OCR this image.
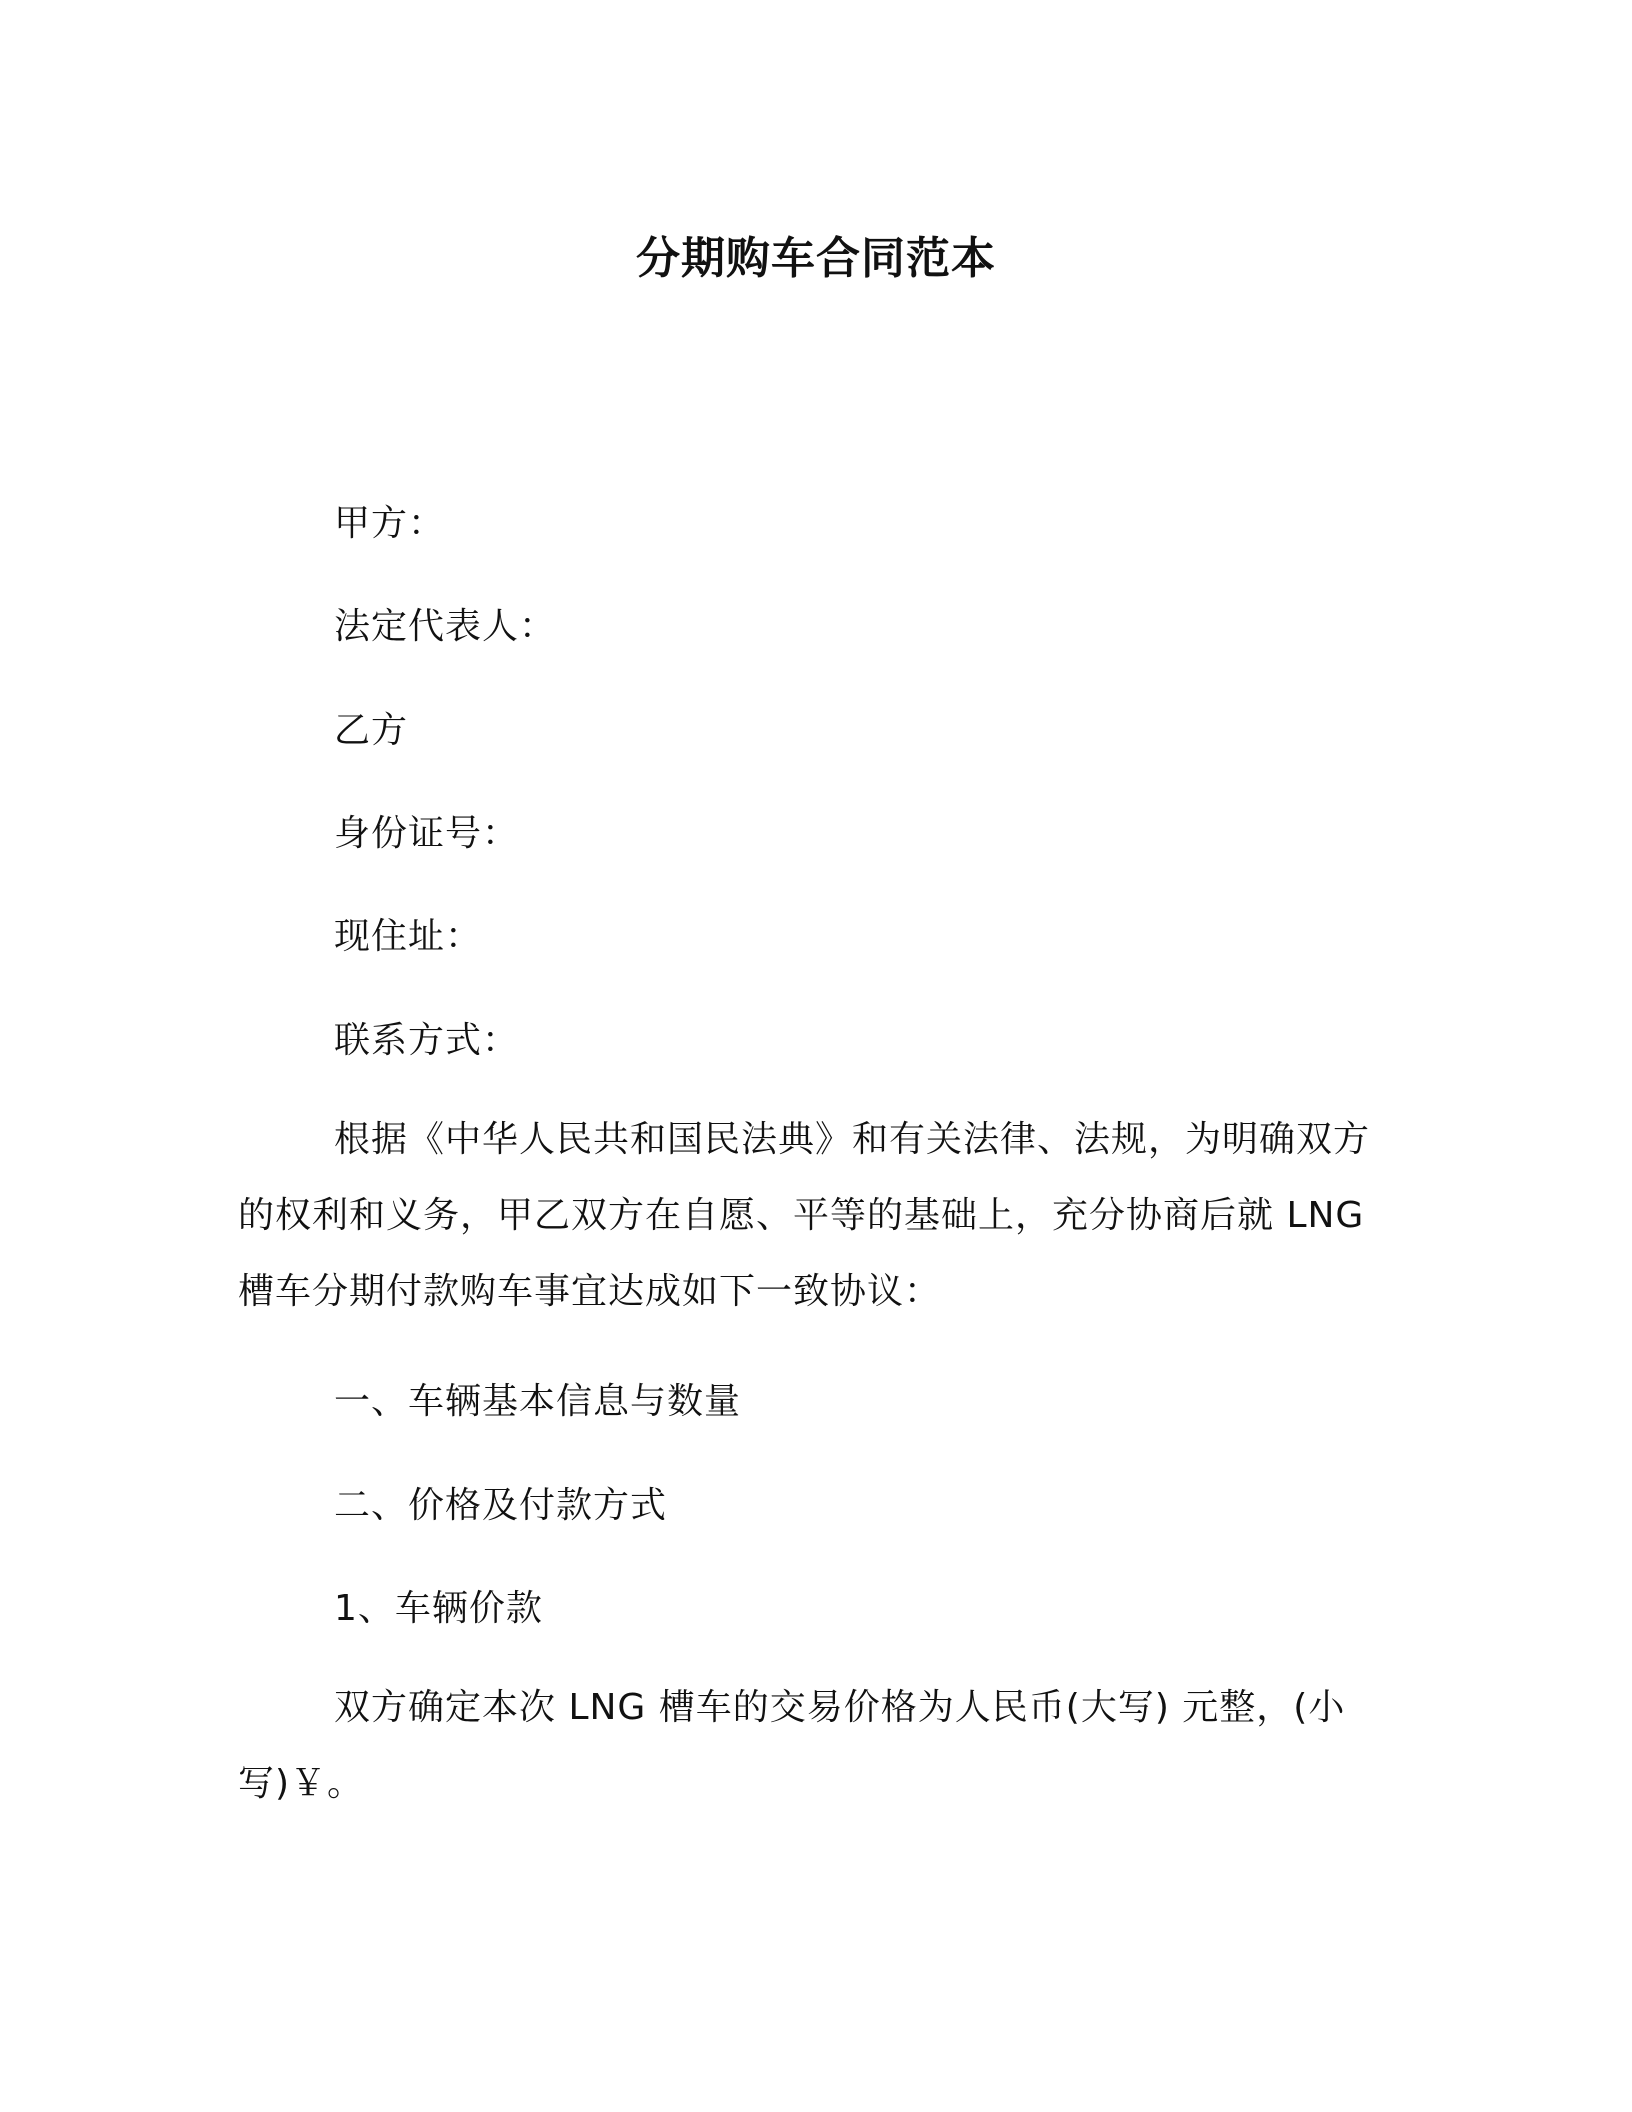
分期购车合同范本
甲方：
法定代表人：
乙方
身份证号：
现住址：
联系方式：
根据《中华人民共和国民法典》和有关法律、法规，为明确双方的权利和义务，甲乙双方在自愿、平等的基础上，充分协商后就 LNG 槽车分期付款购车事宜达成如下一致协议：
一、车辆基本信息与数量
二、价格及付款方式
1、车辆价款
双方确定本次 LNG 槽车的交易价格为人民币(大写) 元整，(小写)￥。
